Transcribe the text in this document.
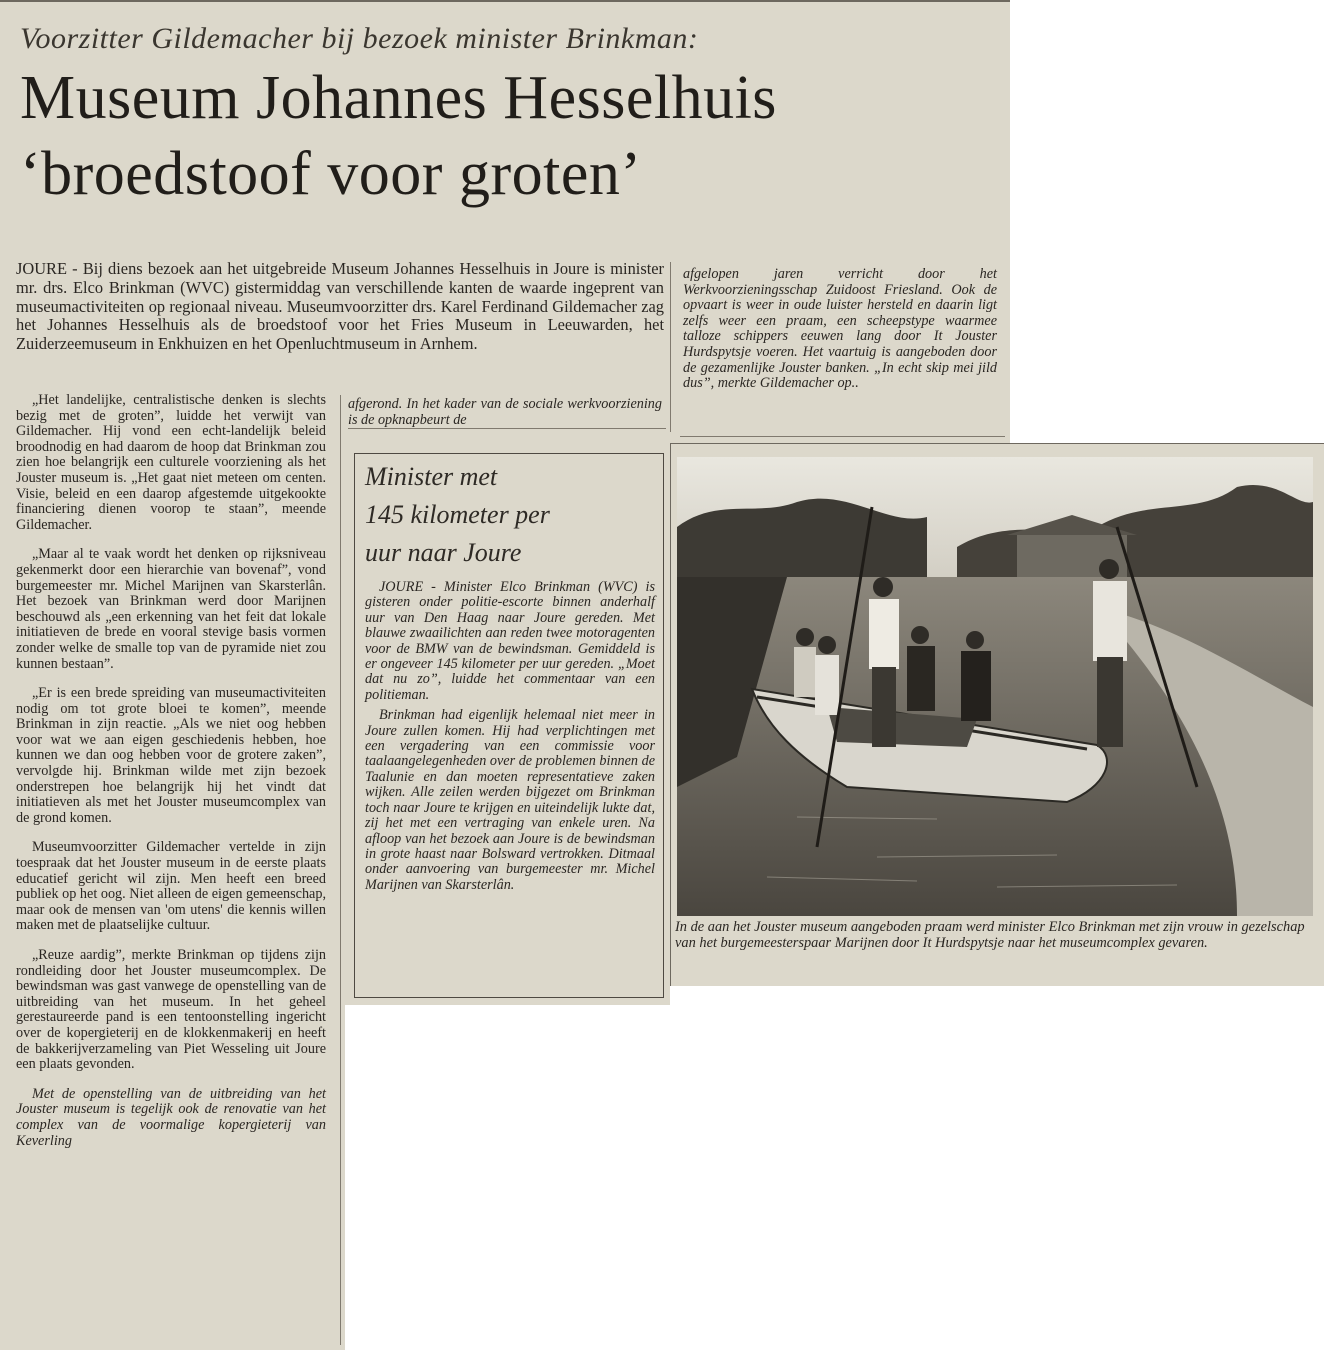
Voorzitter Gildemacher bij bezoek minister Brinkman:

Museum Johannes Hesselhuis
‘broedstoof voor groten’

JOURE - Bij diens bezoek aan het uitgebreide Museum Johannes Hesselhuis in Joure is minister mr. drs. Elco Brinkman (WVC) gistermiddag van verschillende kanten de waarde ingeprent van museumactiviteiten op regionaal niveau. Museumvoorzitter drs. Karel Ferdinand Gildemacher zag het Johannes Hesselhuis als de broedstoof voor het Fries Museum in Leeuwarden, het Zuiderzeemuseum in Enkhuizen en het Openluchtmuseum in Arnhem.

„Het landelijke, centralistische denken is slechts bezig met de groten”, luidde het verwijt van Gildemacher. Hij vond een echt-landelijk beleid broodnodig en had daarom de hoop dat Brinkman zou zien hoe belangrijk een culturele voorziening als het Jouster museum is. „Het gaat niet meteen om centen. Visie, beleid en een daarop afgestemde uitgekookte financiering dienen voorop te staan”, meende Gildemacher.

„Maar al te vaak wordt het denken op rijksniveau gekenmerkt door een hierarchie van bovenaf”, vond burgemeester mr. Michel Marijnen van Skarsterlân. Het bezoek van Brinkman werd door Marijnen beschouwd als „een erkenning van het feit dat lokale initiatieven de brede en vooral stevige basis vormen zonder welke de smalle top van de pyramide niet zou kunnen bestaan”.

„Er is een brede spreiding van museumactiviteiten nodig om tot grote bloei te komen”, meende Brinkman in zijn reactie. „Als we niet oog hebben voor wat we aan eigen geschiedenis hebben, hoe kunnen we dan oog hebben voor de grotere zaken”, vervolgde hij. Brinkman wilde met zijn bezoek onderstrepen hoe belangrijk hij het vindt dat initiatieven als met het Jouster museumcomplex van de grond komen.

Museumvoorzitter Gildemacher vertelde in zijn toespraak dat het Jouster museum in de eerste plaats educatief gericht wil zijn. Men heeft een breed publiek op het oog. Niet alleen de eigen gemeenschap, maar ook de mensen van 'om utens' die kennis willen maken met de plaatselijke cultuur.

„Reuze aardig”, merkte Brinkman op tijdens zijn rondleiding door het Jouster museumcomplex. De bewindsman was gast vanwege de openstelling van de uitbreiding van het museum. In het geheel gerestaureerde pand is een tentoonstelling ingericht over de kopergieterij en de klokkenmakerij en heeft de bakkerijverzameling van Piet Wesseling uit Joure een plaats gevonden.

Met de openstelling van de uitbreiding van het Jouster museum is tegelijk ook de renovatie van het complex van de voormalige kopergieterij van Keverling

afgerond. In het kader van de sociale werkvoorziening is de opknapbeurt de
afgelopen jaren verricht door het Werkvoorzieningsschap Zuidoost Friesland. Ook de opvaart is weer in oude luister hersteld en daarin ligt zelfs weer een praam, een scheepstype waarmee talloze schippers eeuwen lang door It Jouster Hurdspytsje voeren. Het vaartuig is aangeboden door de gezamenlijke Jouster banken. „In echt skip mei jild dus”, merkte Gildemacher op..
Minister met
145 kilometer per
uur naar Joure

JOURE - Minister Elco Brinkman (WVC) is gisteren onder politie-escorte binnen anderhalf uur van Den Haag naar Joure gereden. Met blauwe zwaailichten aan reden twee motoragenten voor de BMW van de bewindsman. Gemiddeld is er ongeveer 145 kilometer per uur gereden. „Moet dat nu zo”, luidde het commentaar van een politieman.

Brinkman had eigenlijk helemaal niet meer in Joure zullen komen. Hij had verplichtingen met een vergadering van een commissie voor taalaangelegenheden over de problemen binnen de Taalunie en dan moeten representatieve zaken wijken. Alle zeilen werden bijgezet om Brinkman toch naar Joure te krijgen en uiteindelijk lukte dat, zij het met een vertraging van enkele uren. Na afloop van het bezoek aan Joure is de bewindsman in grote haast naar Bolsward vertrokken. Ditmaal onder aanvoering van burgemeester mr. Michel Marijnen van Skarsterlân.

In de aan het Jouster museum aangeboden praam werd minister Elco Brinkman met zijn vrouw in gezelschap van het burgemeesterspaar Marijnen door It Hurdspytsje naar het museumcomplex gevaren.
